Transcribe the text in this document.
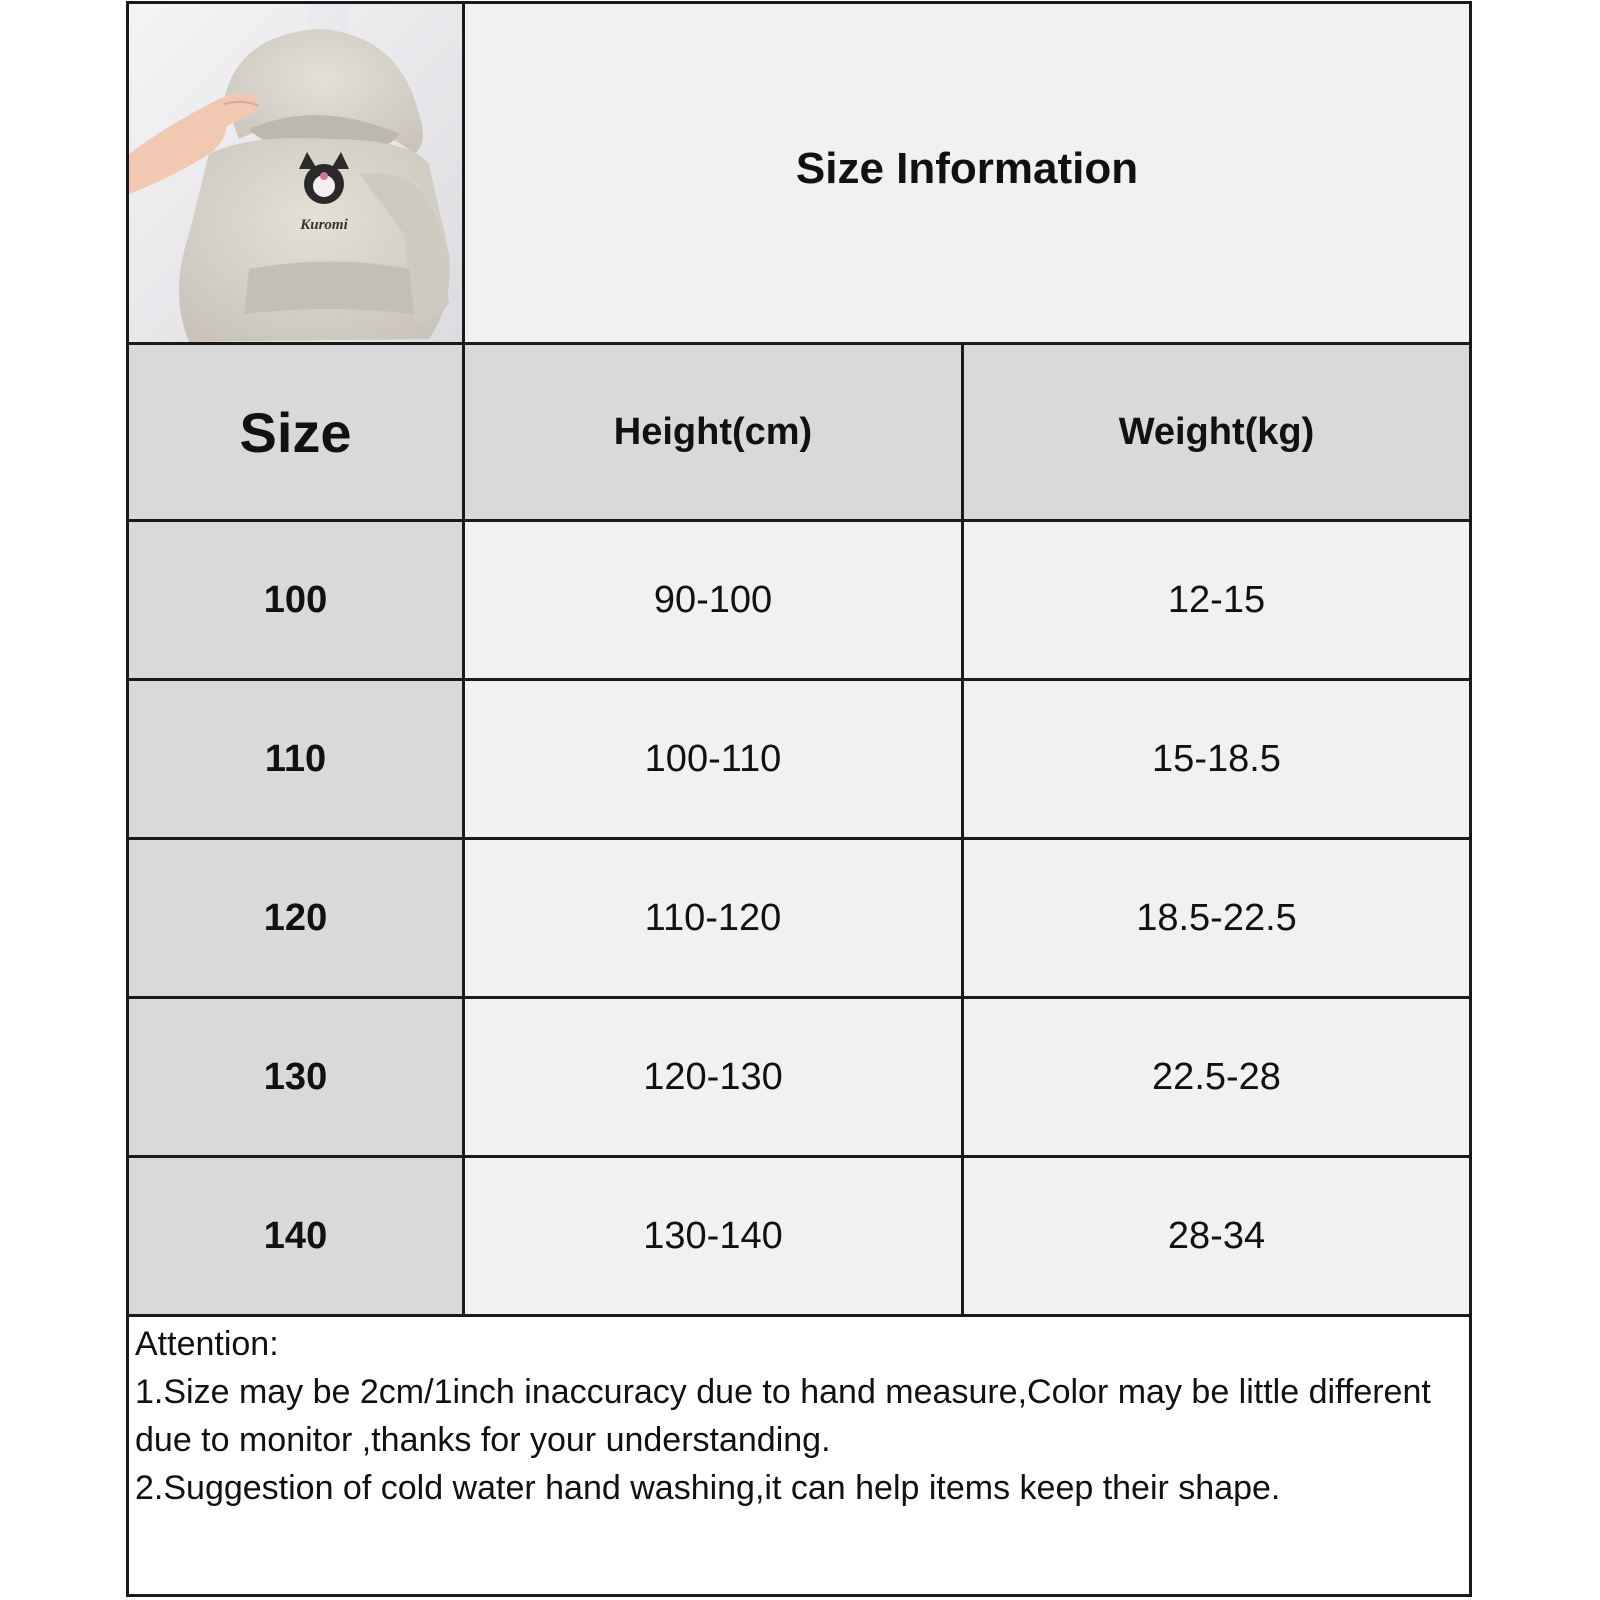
Kuromi
Size Information
Size	Height(cm)	Weight(kg)
100	90-100	12-15
110	100-110	15-18.5
120	110-120	18.5-22.5
130	120-130	22.5-28
140	130-140	28-34
Attention:
1.Size may be 2cm/1inch inaccuracy due to hand measure,Color may be little different due to monitor ,thanks for your understanding.
2.Suggestion of cold water hand washing,it can help items keep their shape.
